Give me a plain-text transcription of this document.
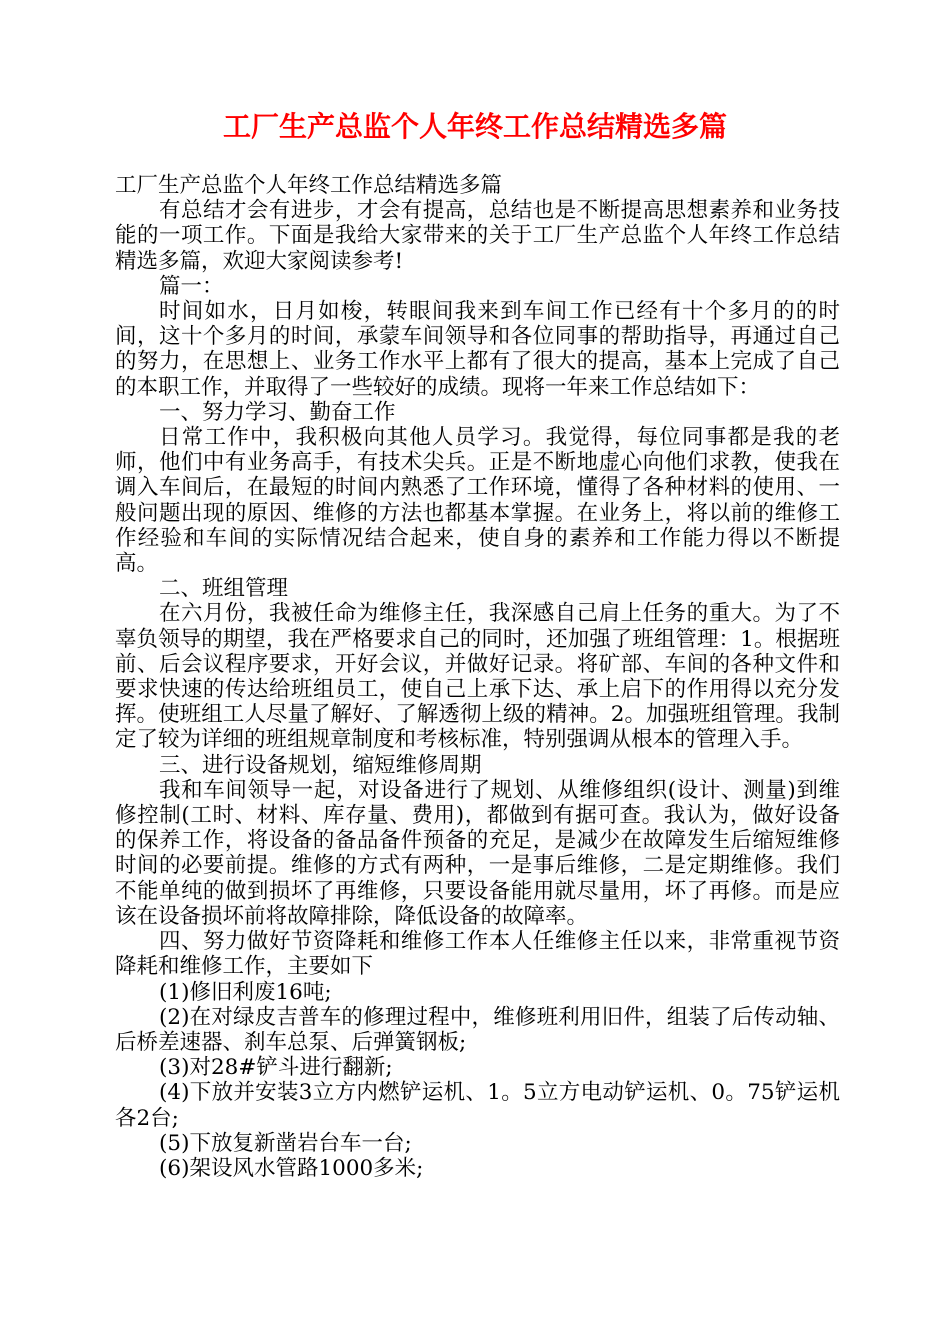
工厂生产总监个人年终工作总结精选多篇

工厂生产总监个人年终工作总结精选多篇

有总结才会有进步，才会有提高，总结也是不断提高思想素养和业务技能的一项工作。下面是我给大家带来的关于工厂生产总监个人年终工作总结精选多篇，欢迎大家阅读参考!

篇一：

时间如水，日月如梭，转眼间我来到车间工作已经有十个多月的的时间，这十个多月的时间，承蒙车间领导和各位同事的帮助指导，再通过自己的努力，在思想上、业务工作水平上都有了很大的提高，基本上完成了自己的本职工作，并取得了一些较好的成绩。现将一年来工作总结如下：

一、努力学习、勤奋工作

日常工作中，我积极向其他人员学习。我觉得，每位同事都是我的老师，他们中有业务高手，有技术尖兵。正是不断地虚心向他们求教，使我在调入车间后，在最短的时间内熟悉了工作环境，懂得了各种材料的使用、一般问题出现的原因、维修的方法也都基本掌握。在业务上，将以前的维修工作经验和车间的实际情况结合起来，使自身的素养和工作能力得以不断提高。

二、班组管理

在六月份，我被任命为维修主任，我深感自己肩上任务的重大。为了不辜负领导的期望，我在严格要求自己的同时，还加强了班组管理：1。根据班前、后会议程序要求，开好会议，并做好记录。将矿部、车间的各种文件和要求快速的传达给班组员工，使自己上承下达、承上启下的作用得以充分发挥。使班组工人尽量了解好、了解透彻上级的精神。2。加强班组管理。我制定了较为详细的班组规章制度和考核标准，特别强调从根本的管理入手。

三、进行设备规划，缩短维修周期

我和车间领导一起，对设备进行了规划、从维修组织(设计、测量)到维修控制(工时、材料、库存量、费用)，都做到有据可查。我认为，做好设备的保养工作，将设备的备品备件预备的充足，是减少在故障发生后缩短维修时间的必要前提。维修的方式有两种，一是事后维修，二是定期维修。我们不能单纯的做到损坏了再维修，只要设备能用就尽量用，坏了再修。而是应该在设备损坏前将故障排除，降低设备的故障率。

四、努力做好节资降耗和维修工作本人任维修主任以来，非常重视节资降耗和维修工作，主要如下

(1)修旧利废16吨;

(2)在对绿皮吉普车的修理过程中，维修班利用旧件，组装了后传动轴、后桥差速器、刹车总泵、后弹簧钢板;

(3)对28#铲斗进行翻新;

(4)下放并安装3立方内燃铲运机、1。5立方电动铲运机、0。75铲运机各2台;

(5)下放复新凿岩台车一台;

(6)架设风水管路1000多米;
